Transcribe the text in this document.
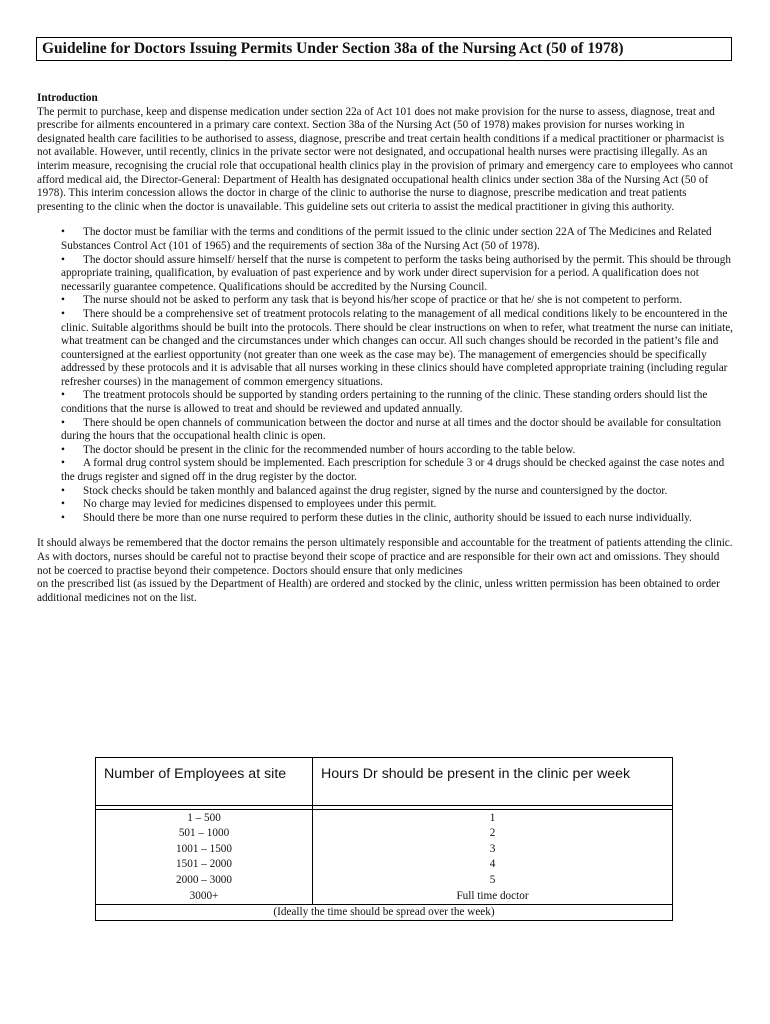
Guideline for Doctors Issuing Permits Under Section 38a of the Nursing Act (50 of 1978)
Introduction

The permit to purchase, keep and dispense medication under section 22a of Act 101 does not make provision for the nurse to assess, diagnose, treat and prescribe for ailments encountered in a primary care context. Section 38a of the Nursing Act (50 of 1978) makes provision for nurses working in designated health care facilities to be authorised to assess, diagnose, prescribe and treat certain health conditions if a medical practitioner or pharmacist is not available. However, until recently, clinics in the private sector were not designated, and occupational health nurses were practising illegally. As an interim measure, recognising the crucial role that occupational health clinics play in the provision of primary and emergency care to employees who cannot afford medical aid, the Director-General: Department of Health has designated occupational health clinics under section 38a of the Nursing Act (50 of 1978). This interim concession allows the doctor in charge of the clinic to authorise the nurse to diagnose, prescribe medication and treat patients presenting to the clinic when the doctor is unavailable. This guideline sets out criteria to assist the medical practitioner in giving this authority.

• The doctor must be familiar with the terms and conditions of the permit issued to the clinic under section 22A of The Medicines and Related Substances Control Act (101 of 1965) and the requirements of section 38a of the Nursing Act (50 of 1978).
• The doctor should assure himself/ herself that the nurse is competent to perform the tasks being authorised by the permit. This should be through appropriate training, qualification, by evaluation of past experience and by work under direct supervision for a period. A qualification does not necessarily guarantee competence. Qualifications should be accredited by the Nursing Council.
• The nurse should not be asked to perform any task that is beyond his/her scope of practice or that he/ she is not competent to perform.
• There should be a comprehensive set of treatment protocols relating to the management of all medical conditions likely to be encountered in the clinic. Suitable algorithms should be built into the protocols. There should be clear instructions on when to refer, what treatment the nurse can initiate, what treatment can be changed and the circumstances under which changes can occur. All such changes should be recorded in the patient’s file and countersigned at the earliest opportunity (not greater than one week as the case may be). The management of emergencies should be specifically addressed by these protocols and it is advisable that all nurses working in these clinics should have completed appropriate training (including regular refresher courses) in the management of common emergency situations.
• The treatment protocols should be supported by standing orders pertaining to the running of the clinic. These standing orders should list the conditions that the nurse is allowed to treat and should be reviewed and updated annually.
• There should be open channels of communication between the doctor and nurse at all times and the doctor should be available for consultation during the hours that the occupational health clinic is open.
• The doctor should be present in the clinic for the recommended number of hours according to the table below.
• A formal drug control system should be implemented. Each prescription for schedule 3 or 4 drugs should be checked against the case notes and the drugs register and signed off in the drug register by the doctor.
• Stock checks should be taken monthly and balanced against the drug register, signed by the nurse and countersigned by the doctor.
• No charge may levied for medicines dispensed to employees under this permit.
• Should there be more than one nurse required to perform these duties in the clinic, authority should be issued to each nurse individually.

It should always be remembered that the doctor remains the person ultimately responsible and accountable for the treatment of patients attending the clinic. As with doctors, nurses should be careful not to practise beyond their scope of practice and are responsible for their own act and omissions. They should not be coerced to practise beyond their competence. Doctors should ensure that only medicines

on the prescribed list (as issued by the Department of Health) are ordered and stocked by the clinic, unless written permission has been obtained to order additional medicines not on the list.

Number of Employees at site	Hours Dr should be present in the clinic per week

1 – 500	1
501 – 1000	2
1001 – 1500	3
1501 – 2000	4
2000 – 3000	5
3000+	Full time doctor
(Ideally the time should be spread over the week)	
